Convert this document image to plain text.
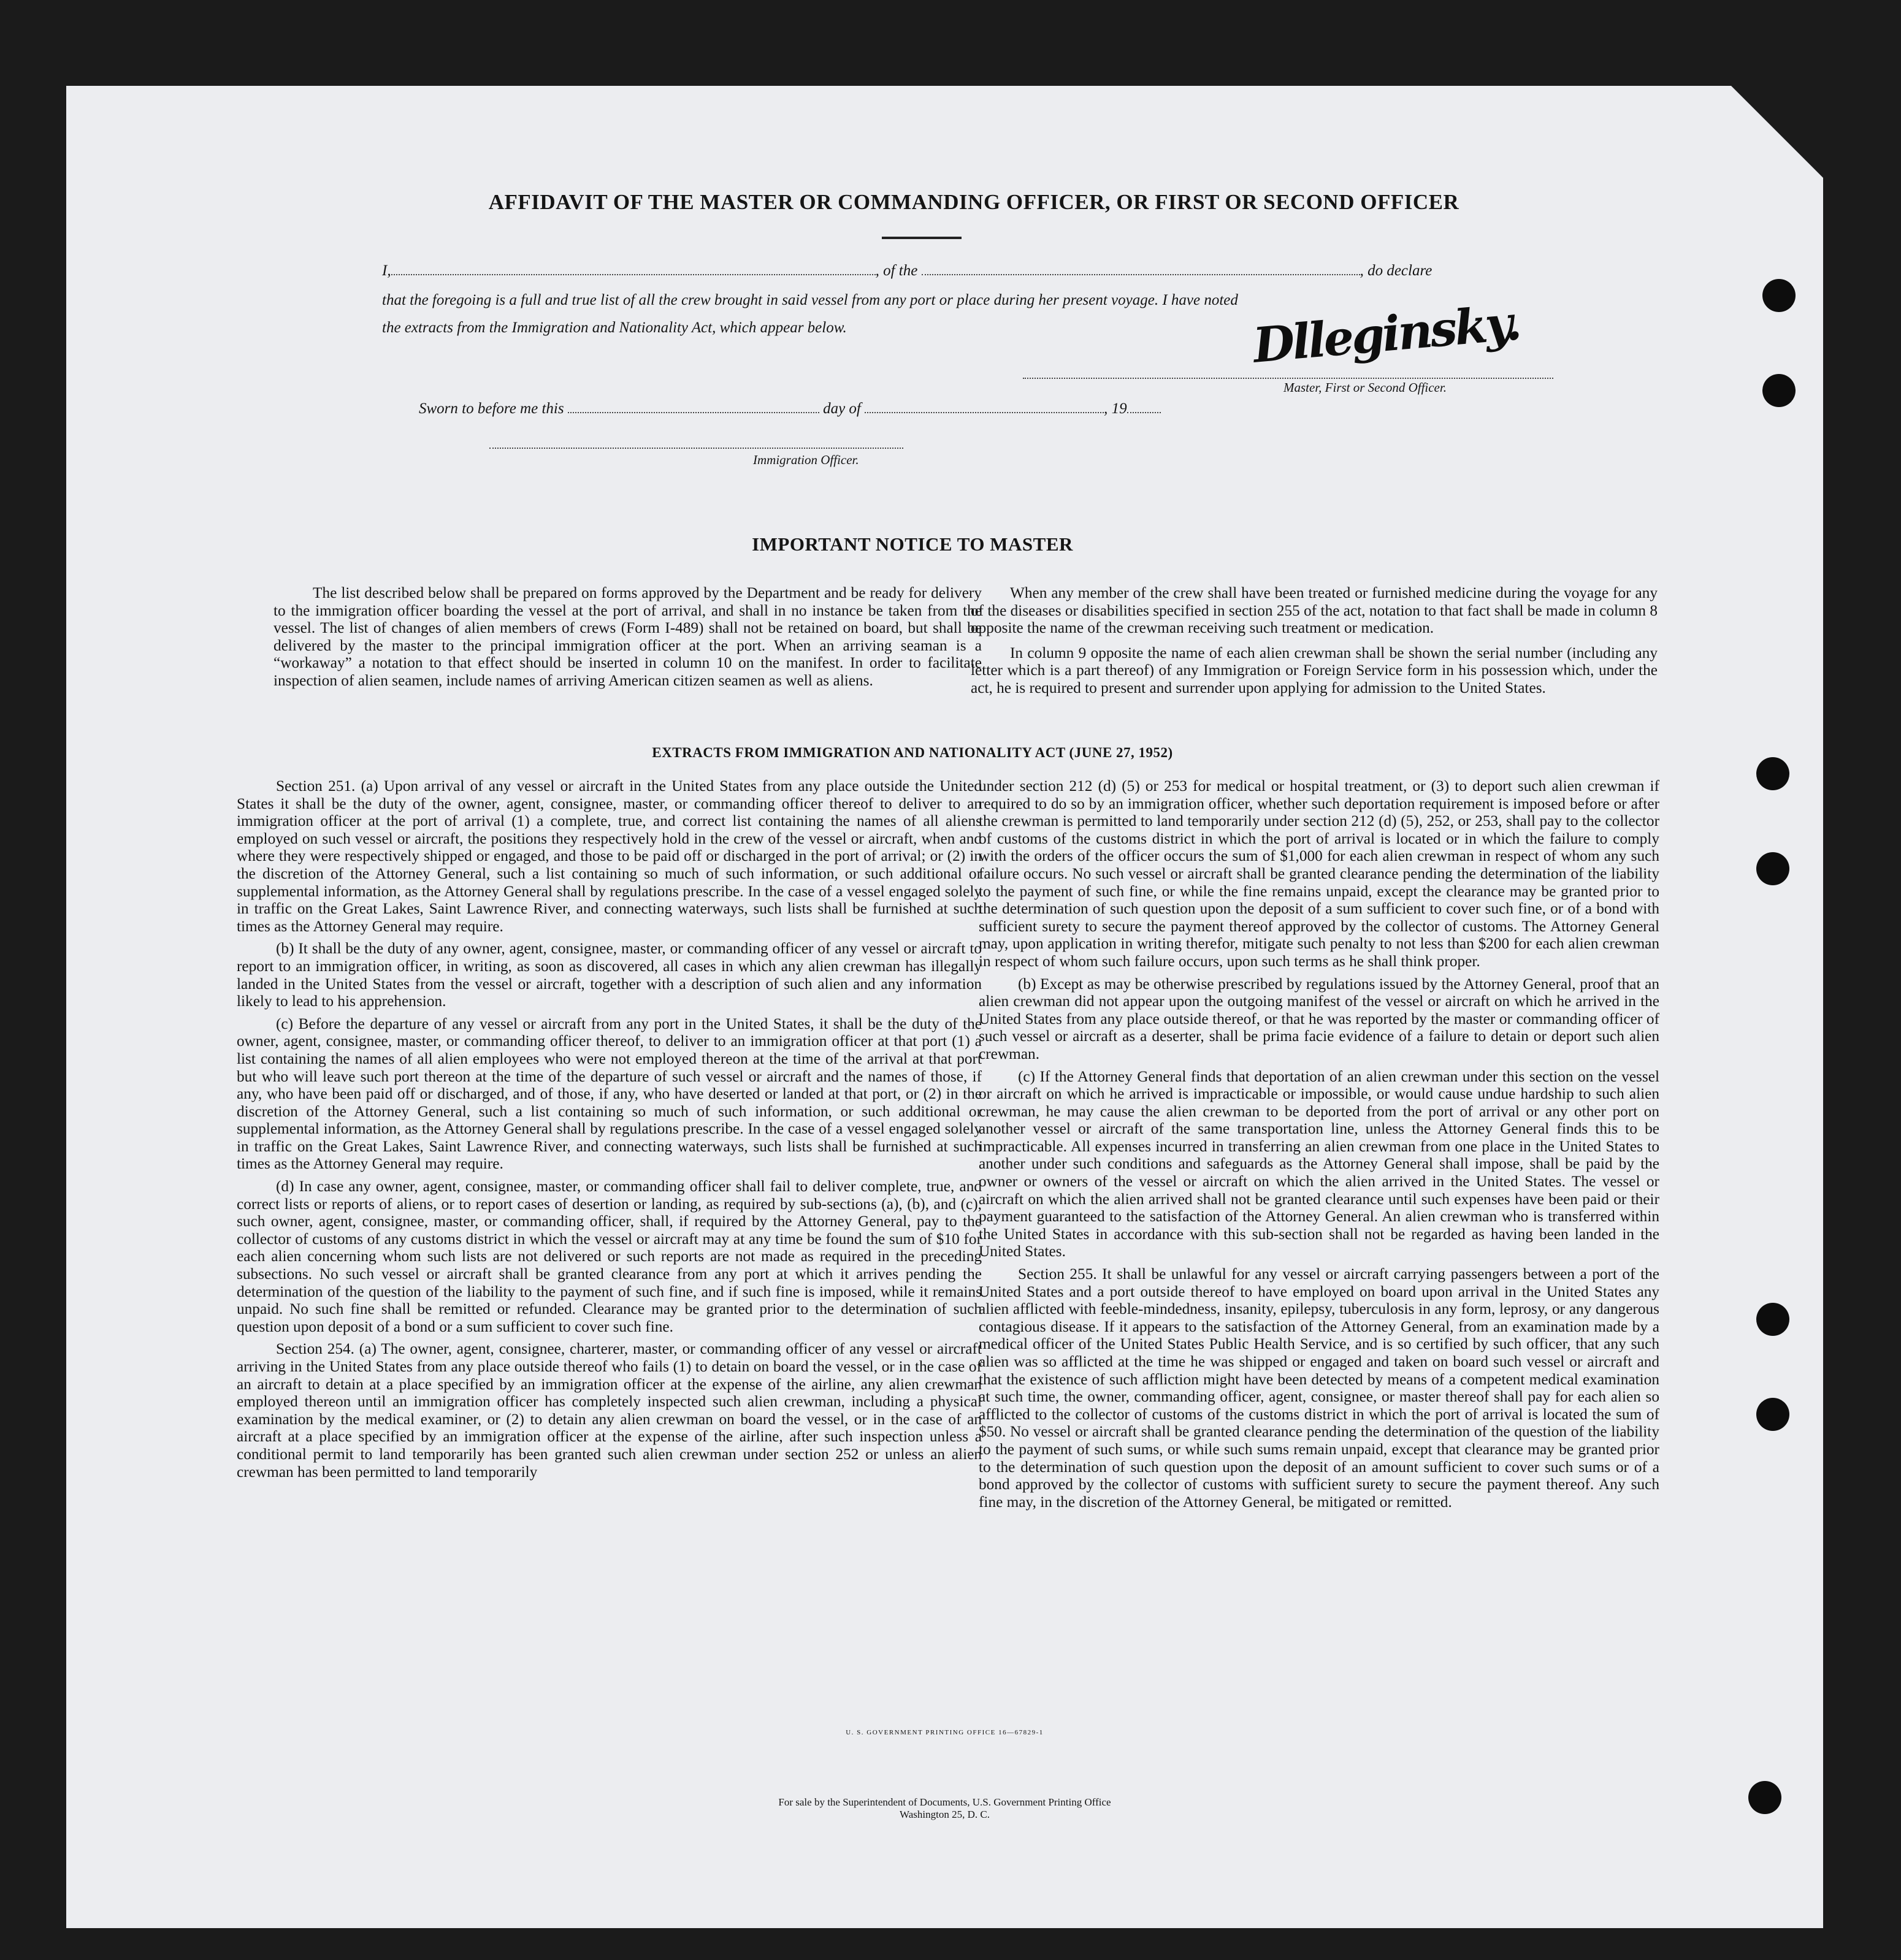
AFFIDAVIT OF THE MASTER OR COMMANDING OFFICER, OR FIRST OR SECOND OFFICER
I,	, of the	, do declare
that the foregoing is a full and true list of all the crew brought in said vessel from any port or place during her present voyage. I have noted
the extracts from the Immigration and Nationality Act, which appear below.	Dlleginsky.
Master, First or Second Officer.
Sworn to before me this	day of	, 19
Immigration Officer.
IMPORTANT NOTICE TO MASTER

The list described below shall be prepared on forms approved by the Department and be ready for delivery to the immigration officer boarding the vessel at the port of arrival, and shall in no instance be taken from the vessel. The list of changes of alien members of crews (Form I-489) shall not be retained on board, but shall be delivered by the master to the principal immigration officer at the port. When an arriving seaman is a “workaway” a notation to that effect should be inserted in column 10 on the manifest. In order to facilitate inspection of alien seamen, include names of arriving American citizen seamen as well as aliens.

When any member of the crew shall have been treated or furnished medicine during the voyage for any of the diseases or disabilities specified in section 255 of the act, notation to that fact shall be made in column 8 opposite the name of the crewman receiving such treatment or medication.

In column 9 opposite the name of each alien crewman shall be shown the serial number (including any letter which is a part thereof) of any Immigration or Foreign Service form in his possession which, under the act, he is required to present and surrender upon applying for admission to the United States.

EXTRACTS FROM IMMIGRATION AND NATIONALITY ACT (JUNE 27, 1952)

Section 251. (a) Upon arrival of any vessel or aircraft in the United States from any place outside the United States it shall be the duty of the owner, agent, consignee, master, or commanding officer thereof to deliver to an immigration officer at the port of arrival (1) a complete, true, and correct list containing the names of all aliens employed on such vessel or aircraft, the positions they respectively hold in the crew of the vessel or aircraft, when and where they were respectively shipped or engaged, and those to be paid off or discharged in the port of arrival; or (2) in the discretion of the Attorney General, such a list containing so much of such information, or such additional or supplemental information, as the Attorney General shall by regulations prescribe. In the case of a vessel engaged solely in traffic on the Great Lakes, Saint Lawrence River, and connecting waterways, such lists shall be furnished at such times as the Attorney General may require.

(b) It shall be the duty of any owner, agent, consignee, master, or commanding officer of any vessel or aircraft to report to an immigration officer, in writing, as soon as discovered, all cases in which any alien crewman has illegally landed in the United States from the vessel or aircraft, together with a description of such alien and any information likely to lead to his apprehension.

(c) Before the departure of any vessel or aircraft from any port in the United States, it shall be the duty of the owner, agent, consignee, master, or commanding officer thereof, to deliver to an immigration officer at that port (1) a list containing the names of all alien employees who were not employed thereon at the time of the arrival at that port but who will leave such port thereon at the time of the departure of such vessel or aircraft and the names of those, if any, who have been paid off or discharged, and of those, if any, who have deserted or landed at that port, or (2) in the discretion of the Attorney General, such a list containing so much of such information, or such additional or supplemental information, as the Attorney General shall by regulations prescribe. In the case of a vessel engaged solely in traffic on the Great Lakes, Saint Lawrence River, and connecting waterways, such lists shall be furnished at such times as the Attorney General may require.

(d) In case any owner, agent, consignee, master, or commanding officer shall fail to deliver complete, true, and correct lists or reports of aliens, or to report cases of desertion or landing, as required by sub-sections (a), (b), and (c), such owner, agent, consignee, master, or commanding officer, shall, if required by the Attorney General, pay to the collector of customs of any customs district in which the vessel or aircraft may at any time be found the sum of $10 for each alien concerning whom such lists are not delivered or such reports are not made as required in the preceding subsections. No such vessel or aircraft shall be granted clearance from any port at which it arrives pending the determination of the question of the liability to the payment of such fine, and if such fine is imposed, while it remains unpaid. No such fine shall be remitted or refunded. Clearance may be granted prior to the determination of such question upon deposit of a bond or a sum sufficient to cover such fine.

Section 254. (a) The owner, agent, consignee, charterer, master, or commanding officer of any vessel or aircraft arriving in the United States from any place outside thereof who fails (1) to detain on board the vessel, or in the case of an aircraft to detain at a place specified by an immigration officer at the expense of the airline, any alien crewman employed thereon until an immigration officer has completely inspected such alien crewman, including a physical examination by the medical examiner, or (2) to detain any alien crewman on board the vessel, or in the case of an aircraft at a place specified by an immigration officer at the expense of the airline, after such inspection unless a conditional permit to land temporarily has been granted such alien crewman under section 252 or unless an alien crewman has been permitted to land temporarily

under section 212 (d) (5) or 253 for medical or hospital treatment, or (3) to deport such alien crewman if required to do so by an immigration officer, whether such deportation requirement is imposed before or after the crewman is permitted to land temporarily under section 212 (d) (5), 252, or 253, shall pay to the collector of customs of the customs district in which the port of arrival is located or in which the failure to comply with the orders of the officer occurs the sum of $1,000 for each alien crewman in respect of whom any such failure occurs. No such vessel or aircraft shall be granted clearance pending the determination of the liability to the payment of such fine, or while the fine remains unpaid, except the clearance may be granted prior to the determination of such question upon the deposit of a sum sufficient to cover such fine, or of a bond with sufficient surety to secure the payment thereof approved by the collector of customs. The Attorney General may, upon application in writing therefor, mitigate such penalty to not less than $200 for each alien crewman in respect of whom such failure occurs, upon such terms as he shall think proper.

(b) Except as may be otherwise prescribed by regulations issued by the Attorney General, proof that an alien crewman did not appear upon the outgoing manifest of the vessel or aircraft on which he arrived in the United States from any place outside thereof, or that he was reported by the master or commanding officer of such vessel or aircraft as a deserter, shall be prima facie evidence of a failure to detain or deport such alien crewman.

(c) If the Attorney General finds that deportation of an alien crewman under this section on the vessel or aircraft on which he arrived is impracticable or impossible, or would cause undue hardship to such alien crewman, he may cause the alien crewman to be deported from the port of arrival or any other port on another vessel or aircraft of the same transportation line, unless the Attorney General finds this to be impracticable. All expenses incurred in transferring an alien crewman from one place in the United States to another under such conditions and safeguards as the Attorney General shall impose, shall be paid by the owner or owners of the vessel or aircraft on which the alien arrived in the United States. The vessel or aircraft on which the alien arrived shall not be granted clearance until such expenses have been paid or their payment guaranteed to the satisfaction of the Attorney General. An alien crewman who is transferred within the United States in accordance with this sub-section shall not be regarded as having been landed in the United States.

Section 255. It shall be unlawful for any vessel or aircraft carrying passengers between a port of the United States and a port outside thereof to have employed on board upon arrival in the United States any alien afflicted with feeble-mindedness, insanity, epilepsy, tuberculosis in any form, leprosy, or any dangerous contagious disease. If it appears to the satisfaction of the Attorney General, from an examination made by a medical officer of the United States Public Health Service, and is so certified by such officer, that any such alien was so afflicted at the time he was shipped or engaged and taken on board such vessel or aircraft and that the existence of such affliction might have been detected by means of a competent medical examination at such time, the owner, commanding officer, agent, consignee, or master thereof shall pay for each alien so afflicted to the collector of customs of the customs district in which the port of arrival is located the sum of $50. No vessel or aircraft shall be granted clearance pending the determination of the question of the liability to the payment of such sums, or while such sums remain unpaid, except that clearance may be granted prior to the determination of such question upon the deposit of an amount sufficient to cover such sums or of a bond approved by the collector of customs with sufficient surety to secure the payment thereof. Any such fine may, in the discretion of the Attorney General, be mitigated or remitted.

U. S. GOVERNMENT PRINTING OFFICE 16—67829-1
For sale by the Superintendent of Documents, U.S. Government Printing Office
Washington 25, D. C.
